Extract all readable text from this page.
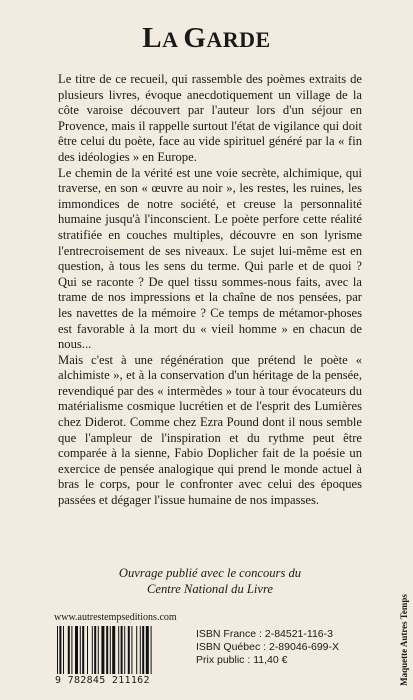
LA GARDE

Le titre de ce recueil, qui rassemble des poèmes extraits de plusieurs livres, évoque anecdotiquement un village de la côte varoise découvert par l'auteur lors d'un séjour en Provence, mais il rappelle surtout l'état de vigilance qui doit être celui du poète, face au vide spirituel généré par la « fin des idéologies » en Europe.

Le chemin de la vérité est une voie secrète, alchimique, qui traverse, en son « œuvre au noir », les restes, les ruines, les immondices de notre société, et creuse la personnalité humaine jusqu'à l'inconscient. Le poète perfore cette réalité stratifiée en couches multiples, découvre en son lyrisme l'entrecroisement de ses niveaux. Le sujet lui-même est en question, à tous les sens du terme. Qui parle et de quoi ? Qui se raconte ? De quel tissu sommes-nous faits, avec la trame de nos impressions et la chaîne de nos pensées, par les navettes de la mémoire ? Ce temps de métamor-phoses est favorable à la mort du « vieil homme » en chacun de nous...

Mais c'est à une régénération que prétend le poète « alchimiste », et à la conservation d'un héritage de la pensée, revendiqué par des « intermèdes » tour à tour évocateurs du matérialisme cosmique lucrétien et de l'esprit des Lumières chez Diderot. Comme chez Ezra Pound dont il nous semble que l'ampleur de l'inspiration et du rythme peut être comparée à la sienne, Fabio Doplicher fait de la poésie un exercice de pensée analogique qui prend le monde actuel à bras le corps, pour le confronter avec celui des époques passées et dégager l'issue humaine de nos impasses.

Ouvrage publié avec le concours du
Centre National du Livre
www.autrestempseditions.com
9 782845 211162
ISBN France : 2-84521-116-3
ISBN Québec : 2-89046-699-X
Prix public : 11,40 €	Maquette Autres Temps
